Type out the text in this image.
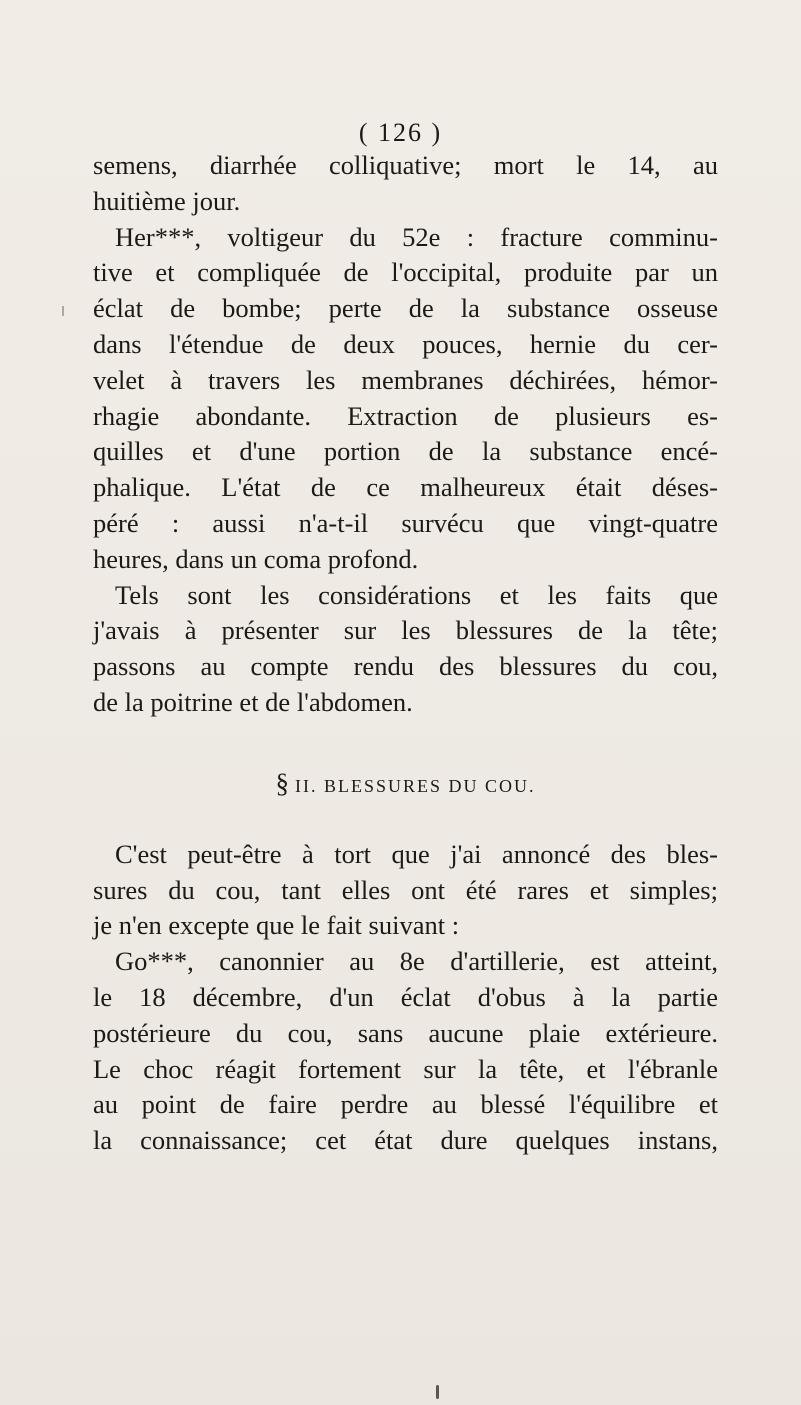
( 126 )
semens, diarrhée colliquative; mort le 14, au
huitième jour.
Her***, voltigeur du 52e : fracture comminu-
tive et compliquée de l'occipital, produite par un
éclat de bombe; perte de la substance osseuse
dans l'étendue de deux pouces, hernie du cer-
velet à travers les membranes déchirées, hémor-
rhagie abondante. Extraction de plusieurs es-
quilles et d'une portion de la substance encé-
phalique. L'état de ce malheureux était déses-
péré : aussi n'a-t-il survécu que vingt-quatre
heures, dans un coma profond.
Tels sont les considérations et les faits que
j'avais à présenter sur les blessures de la tête;
passons au compte rendu des blessures du cou,
de la poitrine et de l'abdomen.
§ II. BLESSURES DU COU.
C'est peut-être à tort que j'ai annoncé des bles-
sures du cou, tant elles ont été rares et simples;
je n'en excepte que le fait suivant :
Go***, canonnier au 8e d'artillerie, est atteint,
le 18 décembre, d'un éclat d'obus à la partie
postérieure du cou, sans aucune plaie extérieure.
Le choc réagit fortement sur la tête, et l'ébranle
au point de faire perdre au blessé l'équilibre et
la connaissance; cet état dure quelques instans,
